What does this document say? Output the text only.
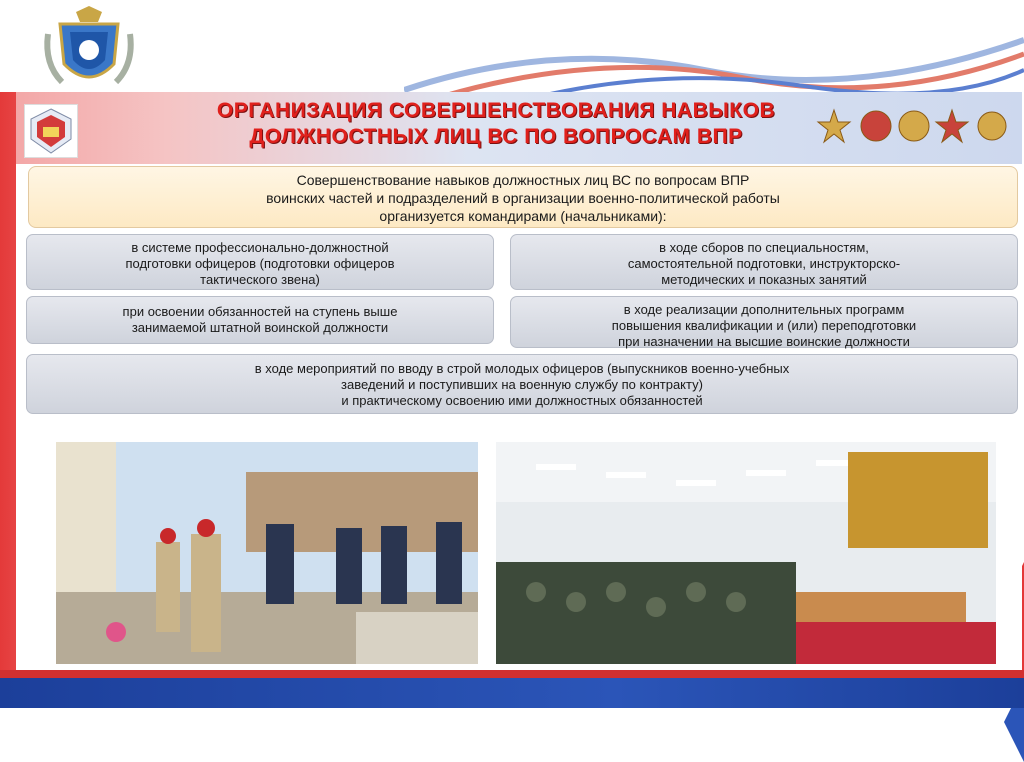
ОРГАНИЗАЦИЯ СОВЕРШЕНСТВОВАНИЯ НАВЫКОВ
ДОЛЖНОСТНЫХ ЛИЦ ВС ПО ВОПРОСАМ ВПР
Совершенствование навыков должностных лиц ВС по вопросам ВПР
воинских частей и подразделений в организации военно-политической работы
организуется командирами (начальниками):
в системе профессионально-должностной
подготовки офицеров (подготовки офицеров
тактического звена)
в ходе сборов по специальностям,
самостоятельной подготовки, инструкторско-
методических и показных занятий
при освоении обязанностей на ступень выше
занимаемой штатной воинской должности
в ходе реализации дополнительных программ
повышения квалификации и (или) переподготовки
при назначении на высшие воинские должности
в ходе мероприятий по вводу в строй молодых офицеров (выпускников военно-учебных
заведений и поступивших на военную службу по контракту)
и практическому освоению ими должностных обязанностей
